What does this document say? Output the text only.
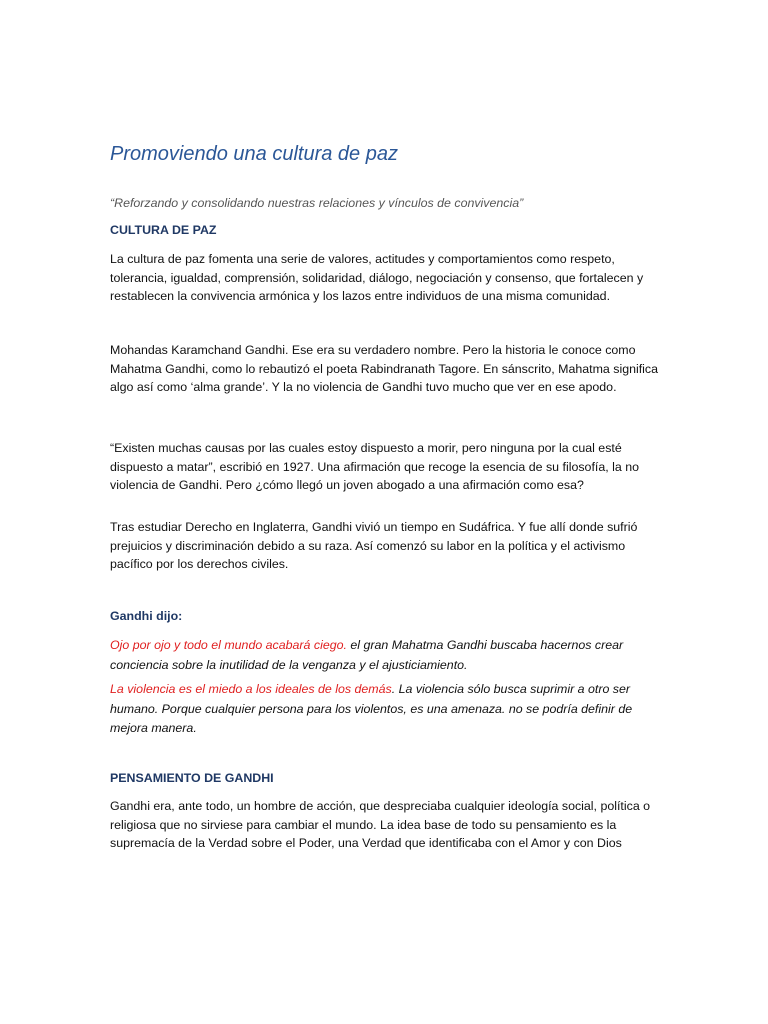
Promoviendo una cultura de paz
“Reforzando y consolidando nuestras relaciones y vínculos de convivencia”
CULTURA DE PAZ
La cultura de paz fomenta una serie de valores, actitudes y comportamientos como respeto, tolerancia, igualdad, comprensión, solidaridad, diálogo, negociación y consenso, que fortalecen y restablecen la convivencia armónica y los lazos entre individuos de una misma comunidad.
Mohandas Karamchand Gandhi. Ese era su verdadero nombre. Pero la historia le conoce como Mahatma Gandhi, como lo rebautizó el poeta Rabindranath Tagore. En sánscrito, Mahatma significa algo así como ‘alma grande’. Y la no violencia de Gandhi tuvo mucho que ver en ese apodo.
“Existen muchas causas por las cuales estoy dispuesto a morir, pero ninguna por la cual esté dispuesto a matar”, escribió en 1927. Una afirmación que recoge la esencia de su filosofía, la no violencia de Gandhi. Pero ¿cómo llegó un joven abogado a una afirmación como esa?
Tras estudiar Derecho en Inglaterra, Gandhi vivió un tiempo en Sudáfrica. Y fue allí donde sufrió prejuicios y discriminación debido a su raza. Así comenzó su labor en la política y el activismo pacífico por los derechos civiles.
Gandhi dijo:
Ojo por ojo y todo el mundo acabará ciego. el gran Mahatma Gandhi buscaba hacernos crear conciencia sobre la inutilidad de la venganza y el ajusticiamiento.
La violencia es el miedo a los ideales de los demás. La violencia sólo busca suprimir a otro ser humano. Porque cualquier persona para los violentos, es una amenaza. no se podría definir de mejora manera.
PENSAMIENTO DE GANDHI
Gandhi era, ante todo, un hombre de acción, que despreciaba cualquier ideología social, política o religiosa que no sirviese para cambiar el mundo. La idea base de todo su pensamiento es la supremacía de la Verdad sobre el Poder, una Verdad que identificaba con el Amor y con Dios
